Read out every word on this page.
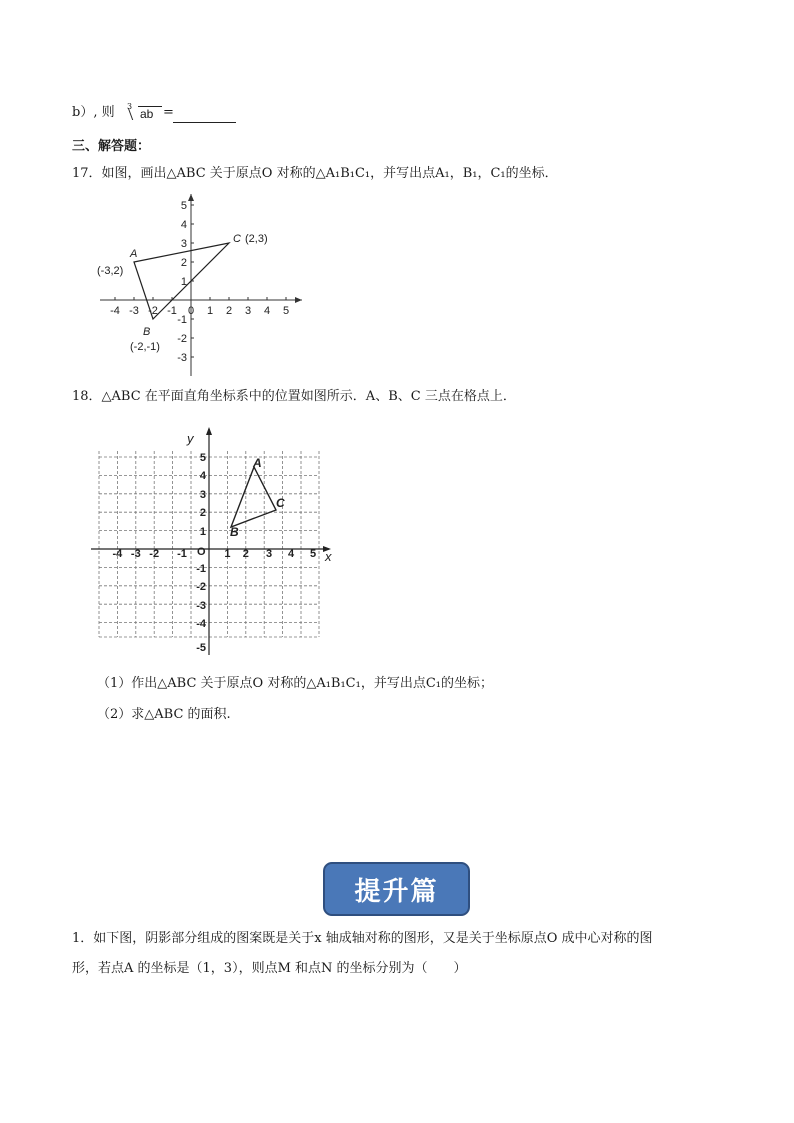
b）, 则 3
ab =
三、解答题：
17．如图，画出△ABC 关于原点O 对称的△A₁B₁C₁，并写出点A₁，B₁，C₁的坐标．
-4 -3 -2 -1 0 1 2 3 4 5
5
4
3
2
1
-1
-2
-3
A
(-3,2)
B
(-2,-1)
C (2,3)
18．△ABC 在平面直角坐标系中的位置如图所示．A、B、C 三点在格点上．
x
y
O
-4 -3 -2 -1	1 2 3 4 5
5
4
3
2
1
-1
-2
-3
-4
-5
A
B
C
（1）作出△ABC 关于原点O 对称的△A₁B₁C₁，并写出点C₁的坐标；
（2）求△ABC 的面积.
提升篇
1．如下图，阴影部分组成的图案既是关于x 轴成轴对称的图形，又是关于坐标原点O 成中心对称的图
形，若点A 的坐标是（1，3），则点M 和点N 的坐标分别为（　　）
